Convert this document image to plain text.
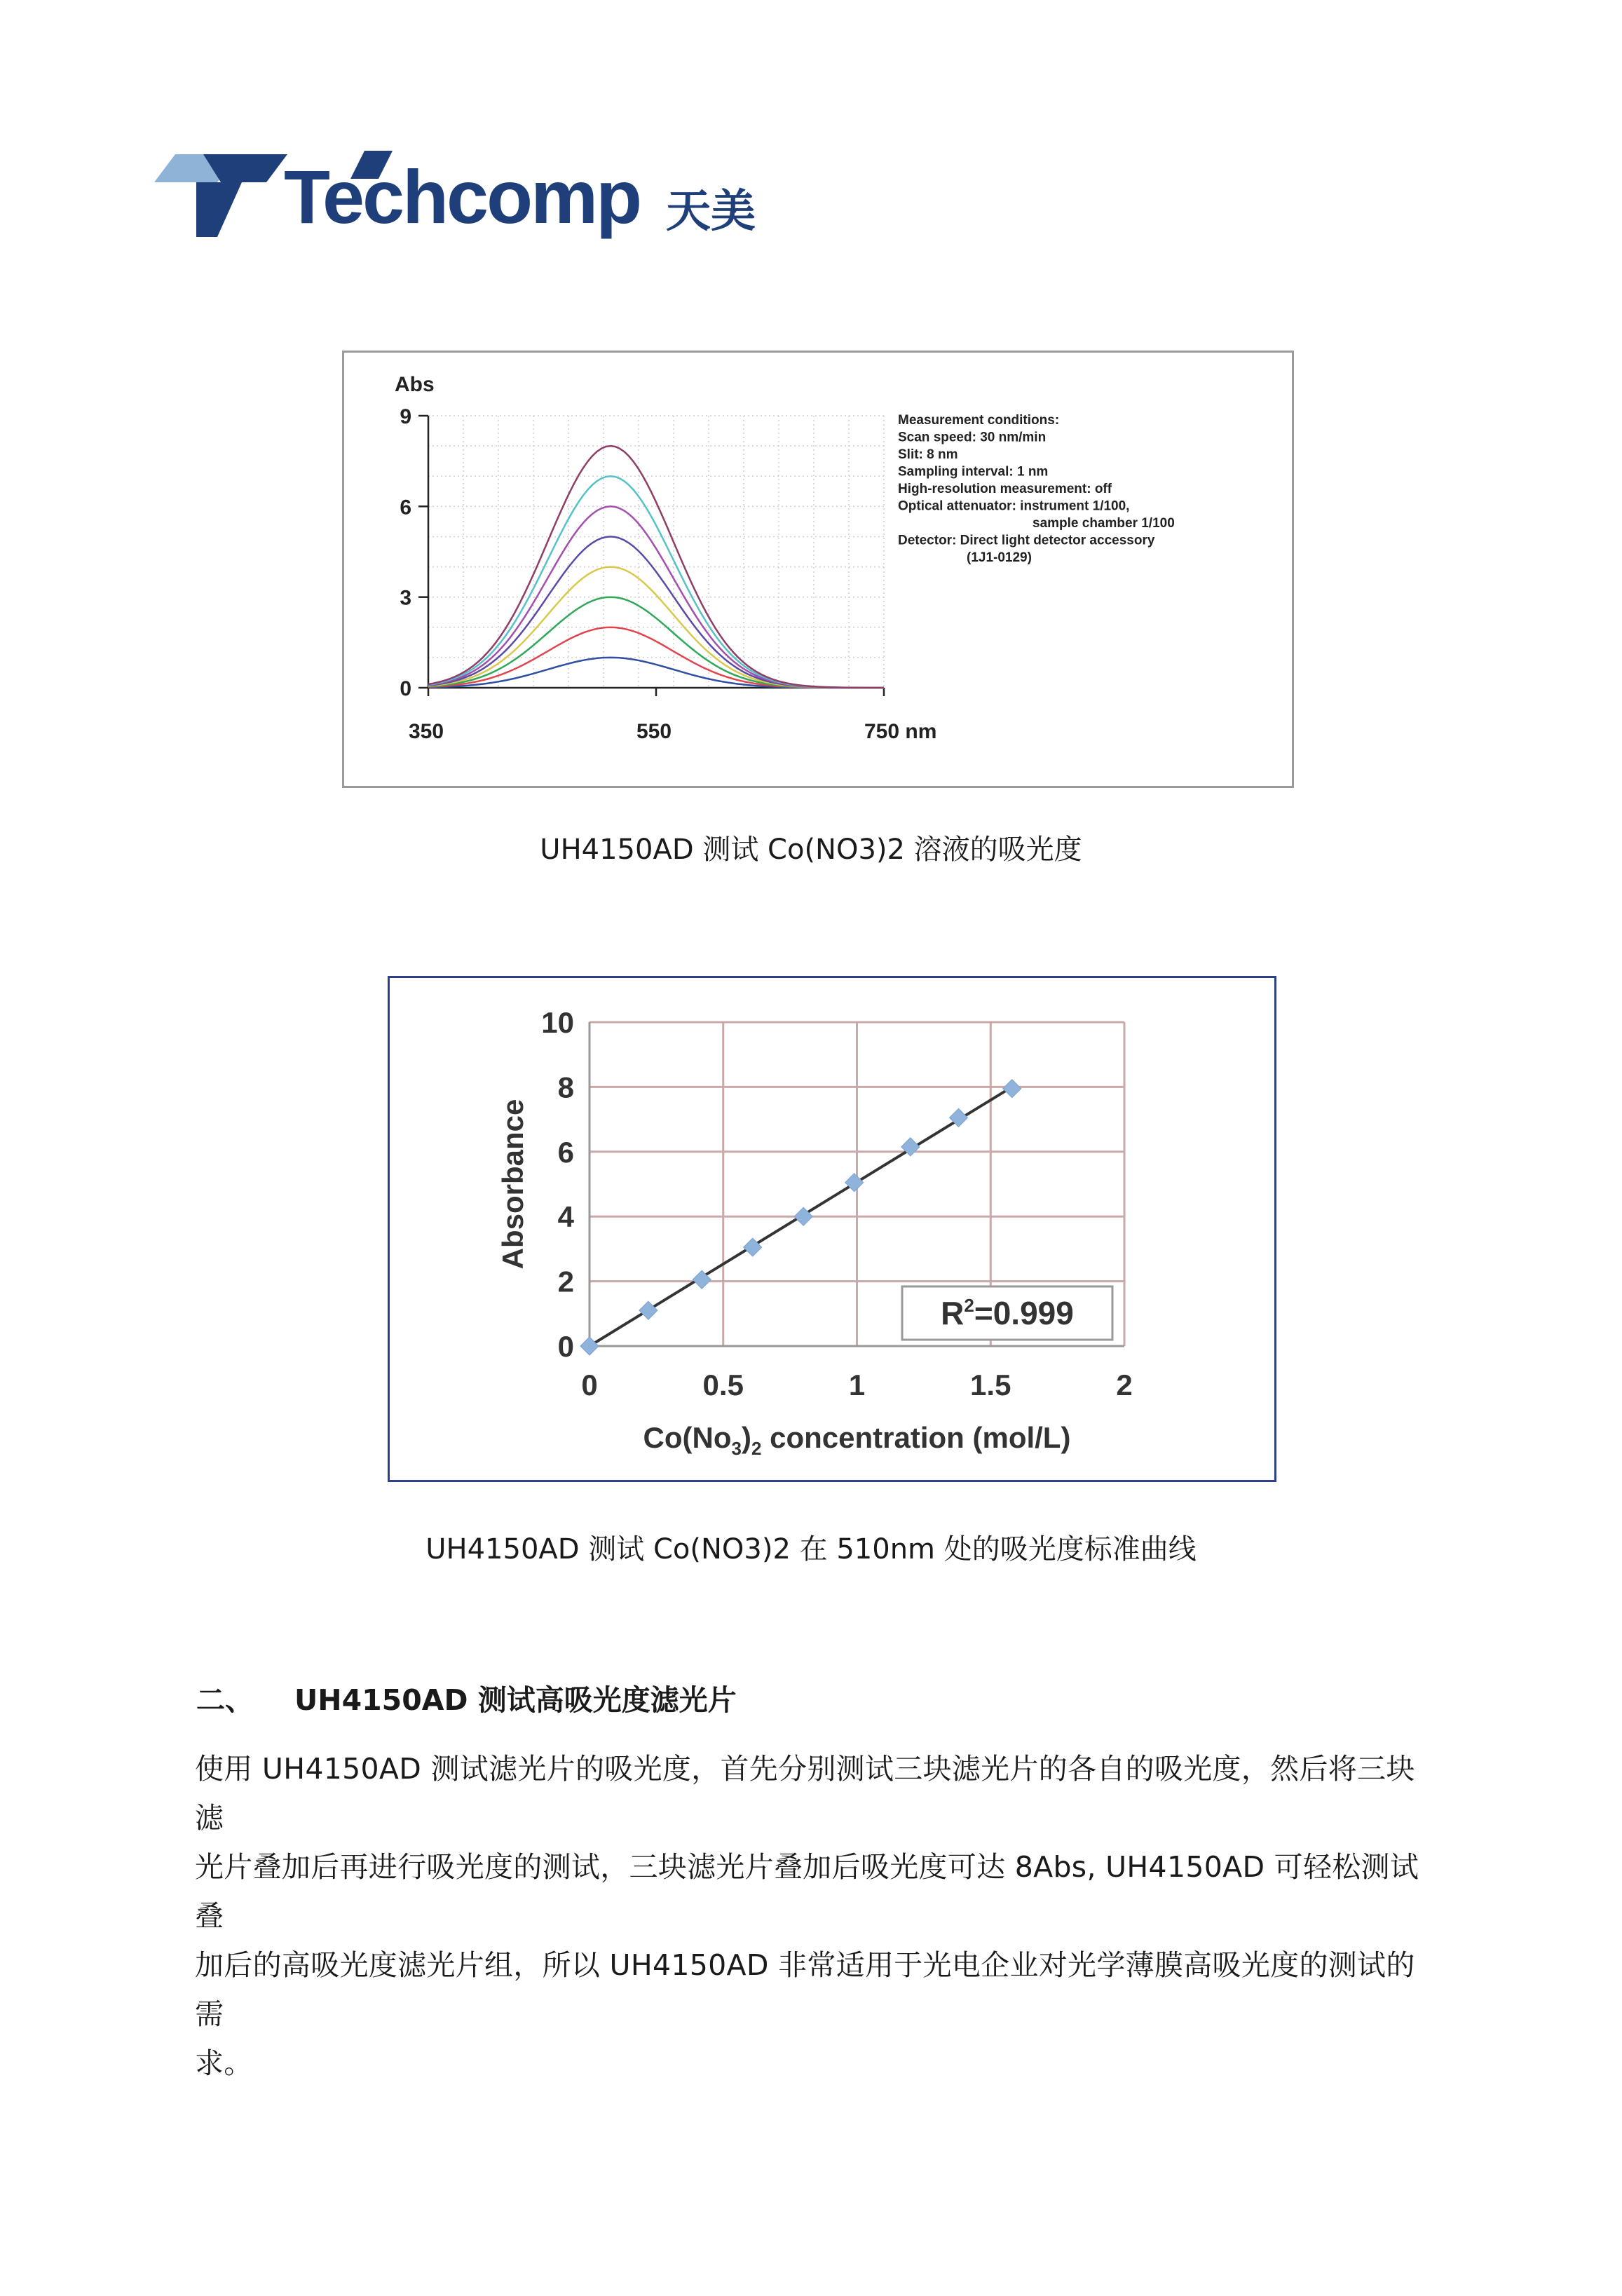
Techcomp 天美
Abs
9
6
3
0
350	550	750 nm
Measurement conditions:
Scan speed: 30 nm/min
Slit: 8 nm
Sampling interval: 1 nm
High-resolution measurement: off
Optical attenuator: instrument 1/100,
sample chamber 1/100
Detector: Direct light detector accessory
(1J1-0129)
UH4150AD 测试 Co(NO3)2 溶液的吸光度
10
8
6
4
2
0
0	0.5	1	1.5	2
Absorbance
$Co(No_3)_2$ concentration (mol/L)
$R^2=0.999$
UH4150AD 测试 Co(NO3)2 在 510nm 处的吸光度标准曲线
二、 UH4150AD 测试高吸光度滤光片
使用 UH4150AD 测试滤光片的吸光度，首先分别测试三块滤光片的各自的吸光度，然后将三块滤
光片叠加后再进行吸光度的测试，三块滤光片叠加后吸光度可达 8Abs, UH4150AD 可轻松测试叠
加后的高吸光度滤光片组，所以 UH4150AD 非常适用于光电企业对光学薄膜高吸光度的测试的需
求。
